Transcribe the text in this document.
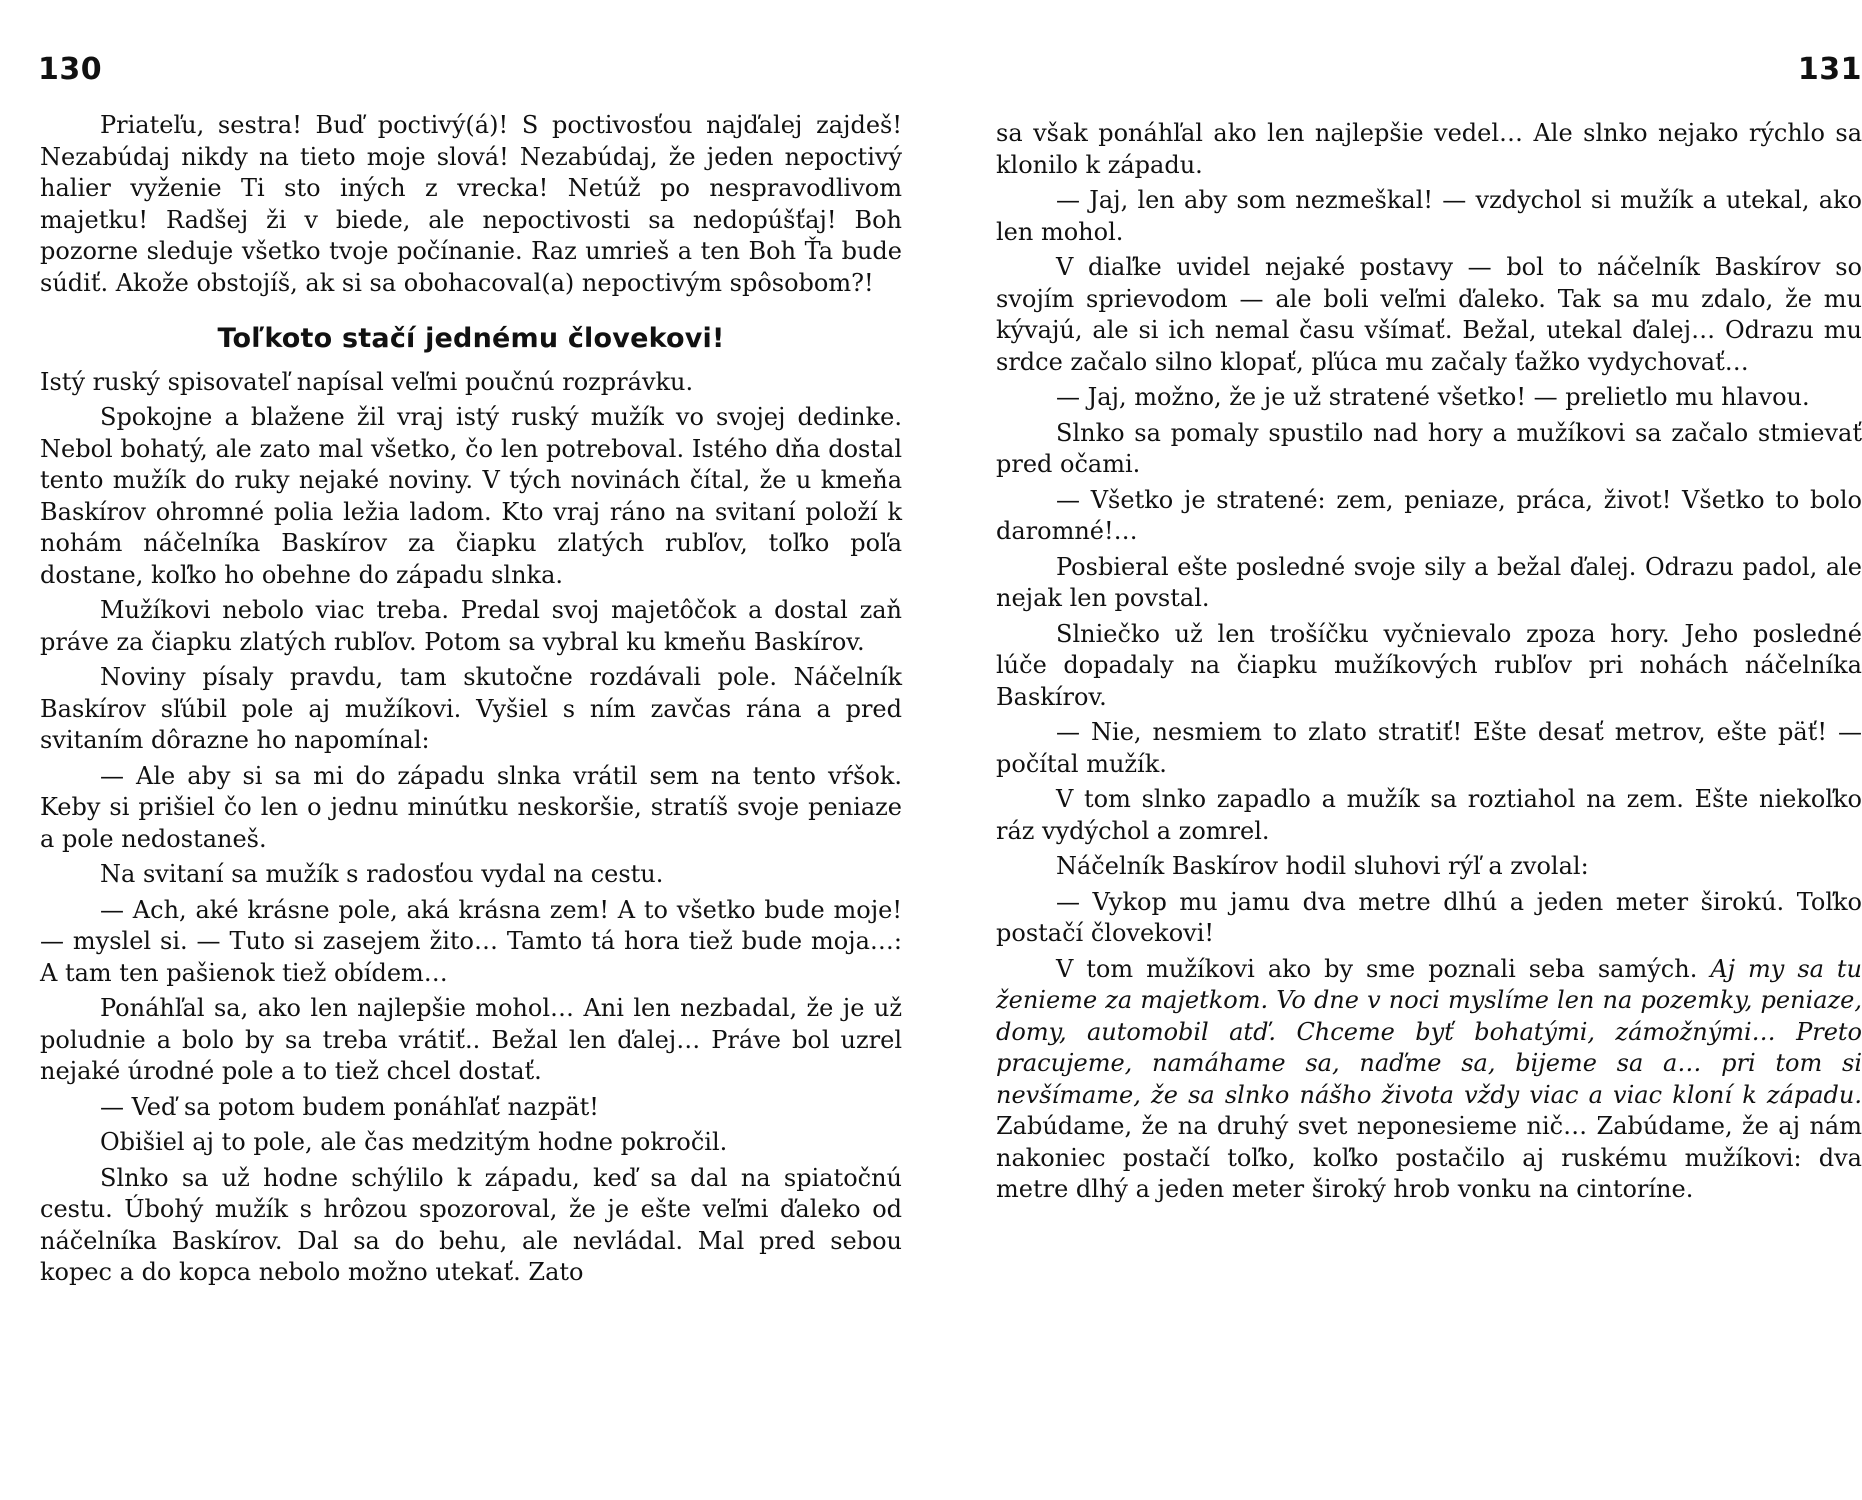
130

Priateľu, sestra! Buď poctivý(á)! S poctivosťou najďalej zajdeš! Nezabúdaj nikdy na tieto moje slová! Nezabúdaj, že jeden nepoctivý halier vyženie Ti sto iných z vrecka! Netúž po nespravodlivom majetku! Radšej ži v biede, ale nepoctivosti sa nedopúšťaj! Boh pozorne sleduje všetko tvoje počínanie. Raz umrieš a ten Boh Ťa bude súdiť. Akože obstojíš, ak si sa obohacoval(a) nepoctivým spôsobom?!

Toľkoto stačí jednému človekovi!

Istý ruský spisovateľ napísal veľmi poučnú rozprávku.

Spokojne a blažene žil vraj istý ruský mužík vo svojej dedinke. Nebol bohatý, ale zato mal všetko, čo len potreboval. Istého dňa dostal tento mužík do ruky nejaké noviny. V tých novinách čítal, že u kmeňa Baskírov ohromné polia ležia ladom. Kto vraj ráno na svitaní položí k nohám náčelníka Baskírov za čiapku zlatých rubľov, toľko poľa dostane, koľko ho obehne do západu slnka.

Mužíkovi nebolo viac treba. Predal svoj majetôčok a dostal zaň práve za čiapku zlatých rubľov. Potom sa vybral ku kmeňu Baskírov.

Noviny písaly pravdu, tam skutočne rozdávali pole. Náčelník Baskírov sľúbil pole aj mužíkovi. Vyšiel s ním zavčas rána a pred svitaním dôrazne ho napomínal:

— Ale aby si sa mi do západu slnka vrátil sem na tento vŕšok. Keby si prišiel čo len o jednu minútku neskoršie, stratíš svoje peniaze a pole nedostaneš.

Na svitaní sa mužík s radosťou vydal na cestu.

— Ach, aké krásne pole, aká krásna zem! A to všetko bude moje! — myslel si. — Tuto si zasejem žito… Tamto tá hora tiež bude moja…: A tam ten pašienok tiež obídem…

Ponáhľal sa, ako len najlepšie mohol… Ani len nezbadal, že je už poludnie a bolo by sa treba vrátiť.. Bežal len ďalej… Práve bol uzrel nejaké úrodné pole a to tiež chcel dostať.

— Veď sa potom budem ponáhľať nazpät!

Obišiel aj to pole, ale čas medzitým hodne pokročil.

Slnko sa už hodne schýlilo k západu, keď sa dal na spiatočnú cestu. Úbohý mužík s hrôzou spozoroval, že je ešte veľmi ďaleko od náčelníka Baskírov. Dal sa do behu, ale nevládal. Mal pred sebou kopec a do kopca nebolo možno utekať. Zato

131

sa však ponáhľal ako len najlepšie vedel… Ale slnko nejako rýchlo sa klonilo k západu.

— Jaj, len aby som nezmeškal! — vzdychol si mužík a utekal, ako len mohol.

V diaľke uvidel nejaké postavy — bol to náčelník Baskírov so svojím sprievodom — ale boli veľmi ďaleko. Tak sa mu zdalo, že mu kývajú, ale si ich nemal času všímať. Bežal, utekal ďalej… Odrazu mu srdce začalo silno klopať, pľúca mu začaly ťažko vydychovať…

— Jaj, možno, že je už stratené všetko! — prelietlo mu hlavou.

Slnko sa pomaly spustilo nad hory a mužíkovi sa začalo stmievať pred očami.

— Všetko je stratené: zem, peniaze, práca, život! Všetko to bolo daromné!…

Posbieral ešte posledné svoje sily a bežal ďalej. Odrazu padol, ale nejak len povstal.

Slniečko už len trošíčku vyčnievalo zpoza hory. Jeho posledné lúče dopadaly na čiapku mužíkových rubľov pri nohách náčelníka Baskírov.

— Nie, nesmiem to zlato stratiť! Ešte desať metrov, ešte päť! — počítal mužík.

V tom slnko zapadlo a mužík sa roztiahol na zem. Ešte niekoľko ráz vydýchol a zomrel.

Náčelník Baskírov hodil sluhovi rýľ a zvolal:

— Vykop mu jamu dva metre dlhú a jeden meter širokú. Toľko postačí človekovi!

V tom mužíkovi ako by sme poznali seba samých. Aj my sa tu ženieme za majetkom. Vo dne v noci myslíme len na pozemky, peniaze, domy, automobil atď. Chceme byť bohatými, zámožnými… Preto pracujeme, namáhame sa, naďme sa, bijeme sa a… pri tom si nevšímame, že sa slnko nášho života vždy viac a viac kloní k západu. Zabúdame, že na druhý svet neponesieme nič… Zabúdame, že aj nám nakoniec postačí toľko, koľko postačilo aj ruskému mužíkovi: dva metre dlhý a jeden meter široký hrob vonku na cintoríne.
